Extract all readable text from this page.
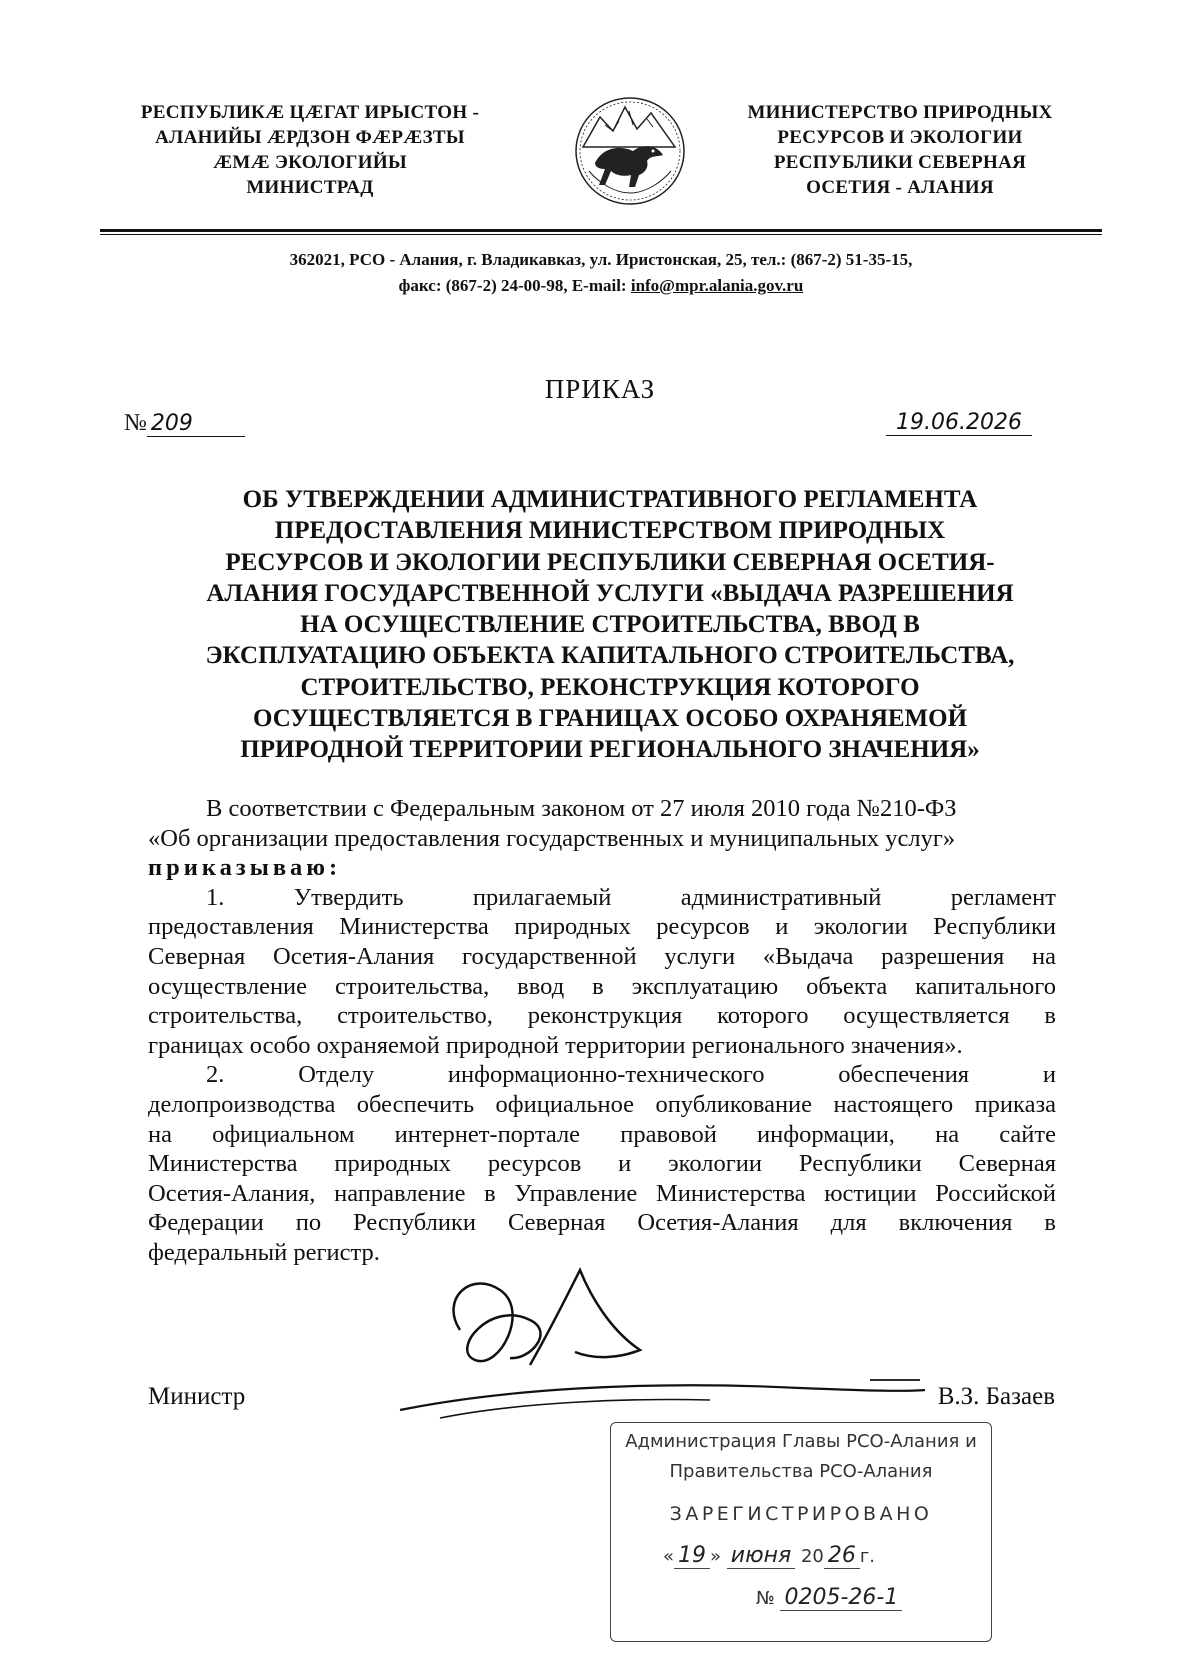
РЕСПУБЛИКÆ ЦÆГАТ ИРЫСТОН -
АЛАНИЙЫ ÆРДЗОН ФÆРÆЗТЫ
ÆМÆ ЭКОЛОГИЙЫ
МИНИСТРАД
МИНИСТЕРСТВО ПРИРОДНЫХ
РЕСУРСОВ И ЭКОЛОГИИ
РЕСПУБЛИКИ СЕВЕРНАЯ
ОСЕТИЯ - АЛАНИЯ
362021, РСО - Алания, г. Владикавказ, ул. Иристонская, 25, тел.: (867-2) 51-35-15,
факс: (867-2) 24-00-98, E-mail: info@mpr.alania.gov.ru
ПРИКАЗ
№ 209	19.06.2026
ОБ УТВЕРЖДЕНИИ АДМИНИСТРАТИВНОГО РЕГЛАМЕНТА
ПРЕДОСТАВЛЕНИЯ МИНИСТЕРСТВОМ ПРИРОДНЫХ
РЕСУРСОВ И ЭКОЛОГИИ РЕСПУБЛИКИ СЕВЕРНАЯ ОСЕТИЯ-
АЛАНИЯ ГОСУДАРСТВЕННОЙ УСЛУГИ «ВЫДАЧА РАЗРЕШЕНИЯ
НА ОСУЩЕСТВЛЕНИЕ СТРОИТЕЛЬСТВА, ВВОД В
ЭКСПЛУАТАЦИЮ ОБЪЕКТА КАПИТАЛЬНОГО СТРОИТЕЛЬСТВА,
СТРОИТЕЛЬСТВО, РЕКОНСТРУКЦИЯ КОТОРОГО
ОСУЩЕСТВЛЯЕТСЯ В ГРАНИЦАХ ОСОБО ОХРАНЯЕМОЙ
ПРИРОДНОЙ ТЕРРИТОРИИ РЕГИОНАЛЬНОГО ЗНАЧЕНИЯ»
В соответствии с Федеральным законом от 27 июля 2010 года №210-ФЗ
«Об организации предоставления государственных и муниципальных услуг»
приказываю:
1. Утвердить прилагаемый административный регламент
предоставления Министерства природных ресурсов и экологии Республики
Северная Осетия-Алания государственной услуги «Выдача разрешения на
осуществление строительства, ввод в эксплуатацию объекта капитального
строительства, строительство, реконструкция которого осуществляется в
границах особо охраняемой природной территории регионального значения».
2. Отделу информационно-технического обеспечения и
делопроизводства обеспечить официальное опубликование настоящего приказа
на официальном интернет-портале правовой информации, на сайте
Министерства природных ресурсов и экологии Республики Северная
Осетия-Алания, направление в Управление Министерства юстиции Российской
Федерации по Республики Северная Осетия-Алания для включения в
федеральный регистр.
Министр	В.З. Базаев
Администрация Главы РСО-Алания и
Правительства РСО-Алания
ЗАРЕГИСТРИРОВАНО
« 19 » июня 20 26 г.
№ 0205-26-1
